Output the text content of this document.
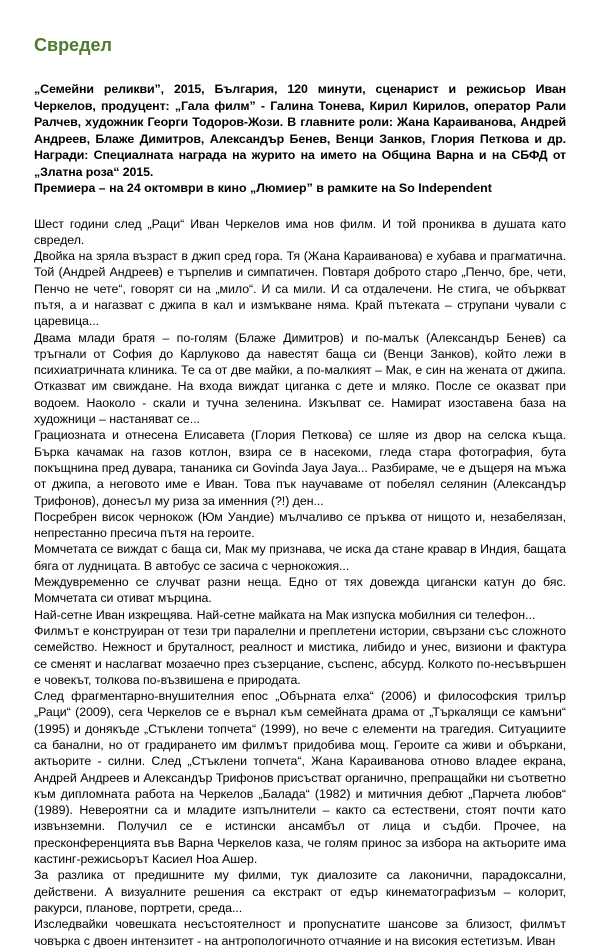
Свредел

„Семейни реликви”, 2015, България, 120 минути, сценарист и режисьор Иван Черкелов, продуцент: „Гала филм” - Галина Тонева, Кирил Кирилов, оператор Рали Ралчев, художник Георги Тодоров-Жози. В главните роли: Жана Караиванова, Андрей Андреев, Блаже Димитров, Александър Бенев, Венци Занков, Глория Петкова и др. Награди: Специалната награда на журито на името на Община Варна и на СБФД от „Златна роза“ 2015.

Премиера – на 24 октомври в кино „Люмиер” в рамките на So Independent

Шест години след „Раци“ Иван Черкелов има нов филм. И той прониква в душата като свредел.

Двойка на зряла възраст в джип сред гора. Тя (Жана Караиванова) е хубава и прагматична. Той (Андрей Андреев) е търпелив и симпатичен. Повтаря доброто старо „Пенчо, бре, чети, Пенчо не чете“, говорят си на „мило“. И са мили. И са отдалечени. Не стига, че объркват пътя, а и нагазват с джипа в кал и измъкване няма. Край пътеката – струпани чували с царевица...

Двама млади братя – по-голям (Блаже Димитров) и по-малък (Александър Бенев) са тръгнали от София до Карлуково да навестят баща си (Венци Занков), който лежи в психиатричната клиника. Те са от две майки, а по-малкият – Мак, е син на жената от джипа. Отказват им свиждане. На входа виждат циганка с дете и мляко. После се оказват при водоем. Наоколо - скали и тучна зеленина. Изкъпват се. Намират изоставена база на художници – настаняват се...

Грациозната и отнесена Елисавета (Глория Петкова) се шляе из двор на селска къща. Бърка качамак на газов котлон, взира се в насекоми, гледа стара фотография, бута покъщнина пред дувара, тананика си Govinda Jaya Jaya... Разбираме, че е дъщеря на мъжа от джипа, а неговото име е Иван. Това пък научаваме от побелял селянин (Александър Трифонов), донесъл му риза за именния (?!) ден...

Посребрен висок чернокож (Юм Уандие) мълчаливо се пръква от нищото и, незабелязан, непрестанно пресича пътя на героите.

Момчетата се виждат с баща си, Мак му признава, че иска да стане кравар в Индия, бащата бяга от лудницата. В автобус се засича с чернокожия...

Междувременно се случват разни неща. Едно от тях довежда цигански катун до бяс. Момчетата си отиват мърцина.

Най-сетне Иван изкрещява. Най-сетне майката на Мак изпуска мобилния си телефон...

Филмът е конструиран от тези три паралелни и преплетени истории, свързани със сложното семейство. Нежност и бруталност, реалност и мистика, либидо и унес, визиони и фактура се сменят и наслагват мозаечно през съзерцание, съспенс, абсурд. Колкото по-несъвършен е човекът, толкова по-възвишена е природата.

След фрагментарно-внушителния епос „Обърната елха“ (2006) и философския трилър „Раци“ (2009), сега Черкелов се е върнал към семейната драма от „Търкалящи се камъни“ (1995) и донякъде „Стъклени топчета“ (1999), но вече с елементи на трагедия. Ситуациите са банални, но от градирането им филмът придобива мощ. Героите са живи и объркани, актьорите - силни. След „Стъклени топчета“, Жана Караиванова отново владее екрана, Андрей Андреев и Александър Трифонов присъстват органично, препращайки ни съответно към дипломната работа на Черкелов „Балада“ (1982) и митичния дебют „Парчета любов“ (1989). Невероятни са и младите изпълнители – както са естествени, стоят почти като извънземни. Получил се е истински ансамбъл от лица и съдби. Прочее, на пресконференцията във Варна Черкелов каза, че голям принос за избора на актьорите има кастинг-режисьорът Касиел Ноа Ашер.

За разлика от предишните му филми, тук диалозите са лаконични, парадоксални, действени. А визуалните решения са екстракт от едър кинематографизъм – колорит, ракурси, планове, портрети, среда...

Изследвайки човешката несъстоятелност и пропуснатите шансове за близост, филмът човърка с двоен интензитет - на антропологичното отчаяние и на високия естетизъм. Иван
